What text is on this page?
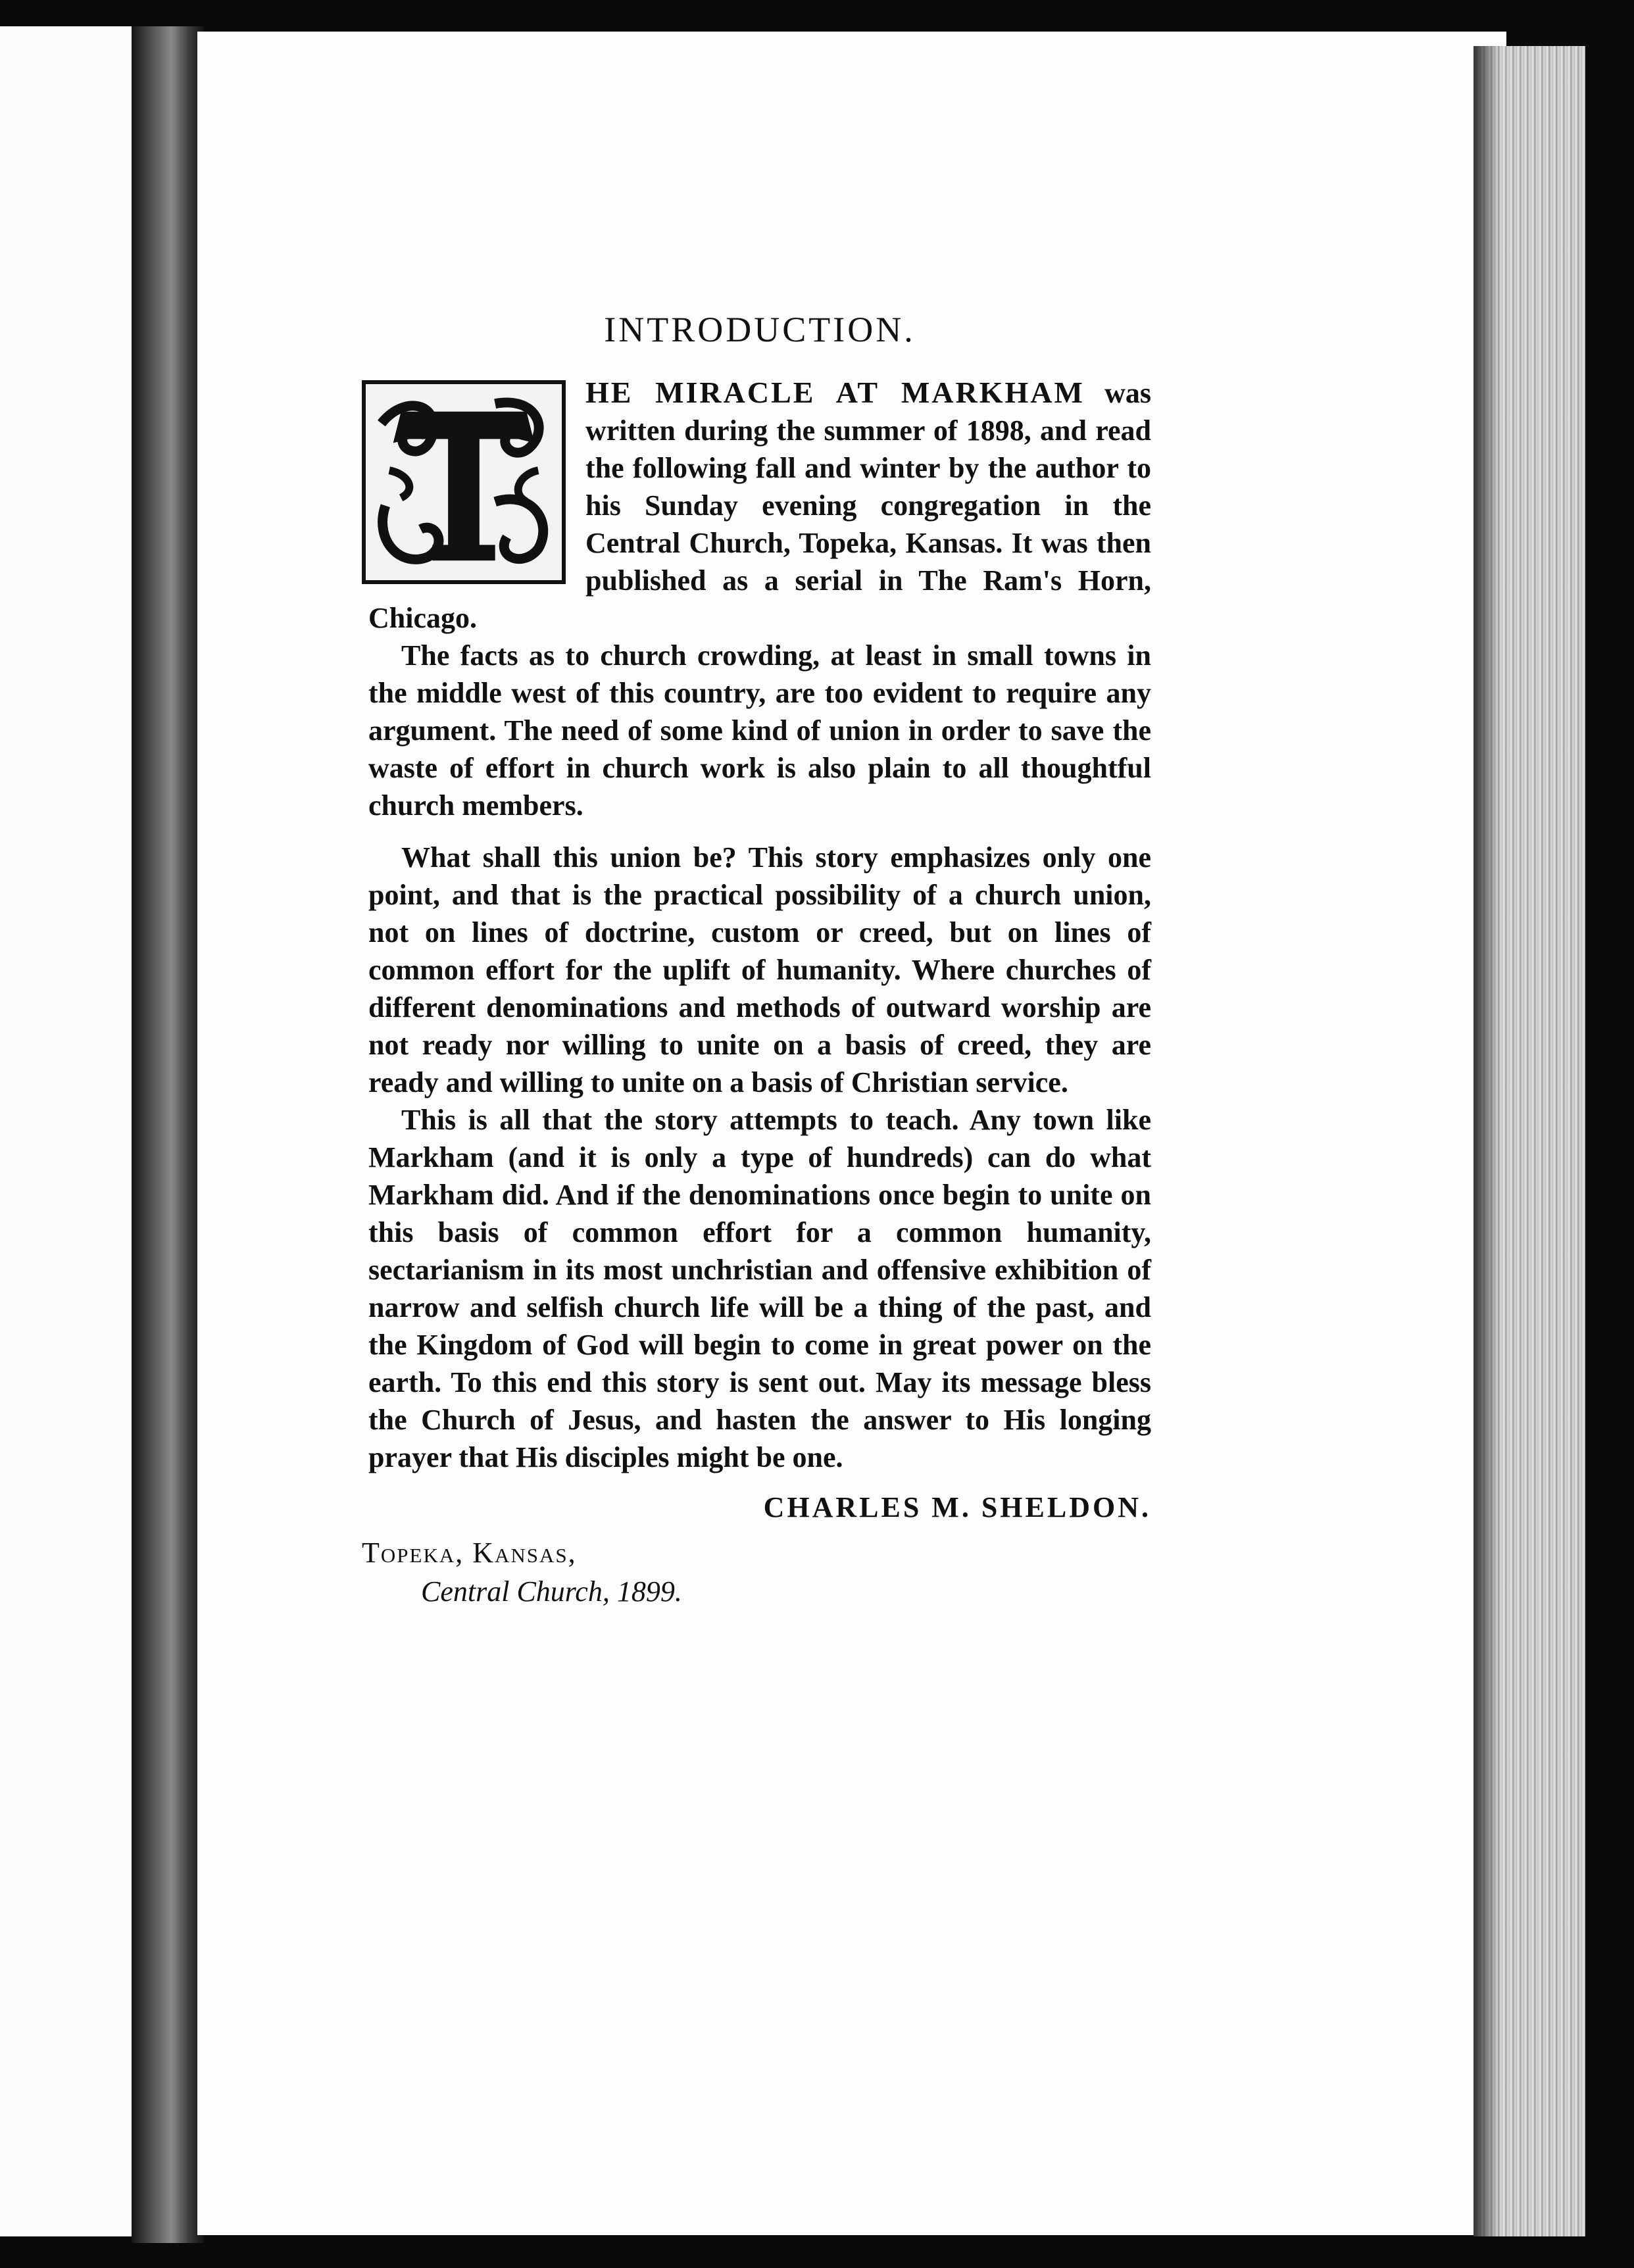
INTRODUCTION.

HE MIRACLE AT MARKHAM was written during the summer of 1898, and read the following fall and winter by the author to his Sunday evening congregation in the Central Church, Topeka, Kansas. It was then published as a serial in The Ram's Horn, Chicago.

The facts as to church crowding, at least in small towns in the middle west of this country, are too evident to require any argument. The need of some kind of union in order to save the waste of effort in church work is also plain to all thoughtful church members.

What shall this union be? This story emphasizes only one point, and that is the practical possibility of a church union, not on lines of doctrine, custom or creed, but on lines of common effort for the uplift of humanity. Where churches of different denominations and methods of outward worship are not ready nor willing to unite on a basis of creed, they are ready and willing to unite on a basis of Christian service.

This is all that the story attempts to teach. Any town like Markham (and it is only a type of hundreds) can do what Markham did. And if the denominations once begin to unite on this basis of common effort for a common humanity, sectarianism in its most unchristian and offensive exhibition of narrow and selfish church life will be a thing of the past, and the Kingdom of God will begin to come in great power on the earth. To this end this story is sent out. May its message bless the Church of Jesus, and hasten the answer to His longing prayer that His disciples might be one.

CHARLES M. SHELDON.
Topeka, Kansas,
Central Church, 1899.
